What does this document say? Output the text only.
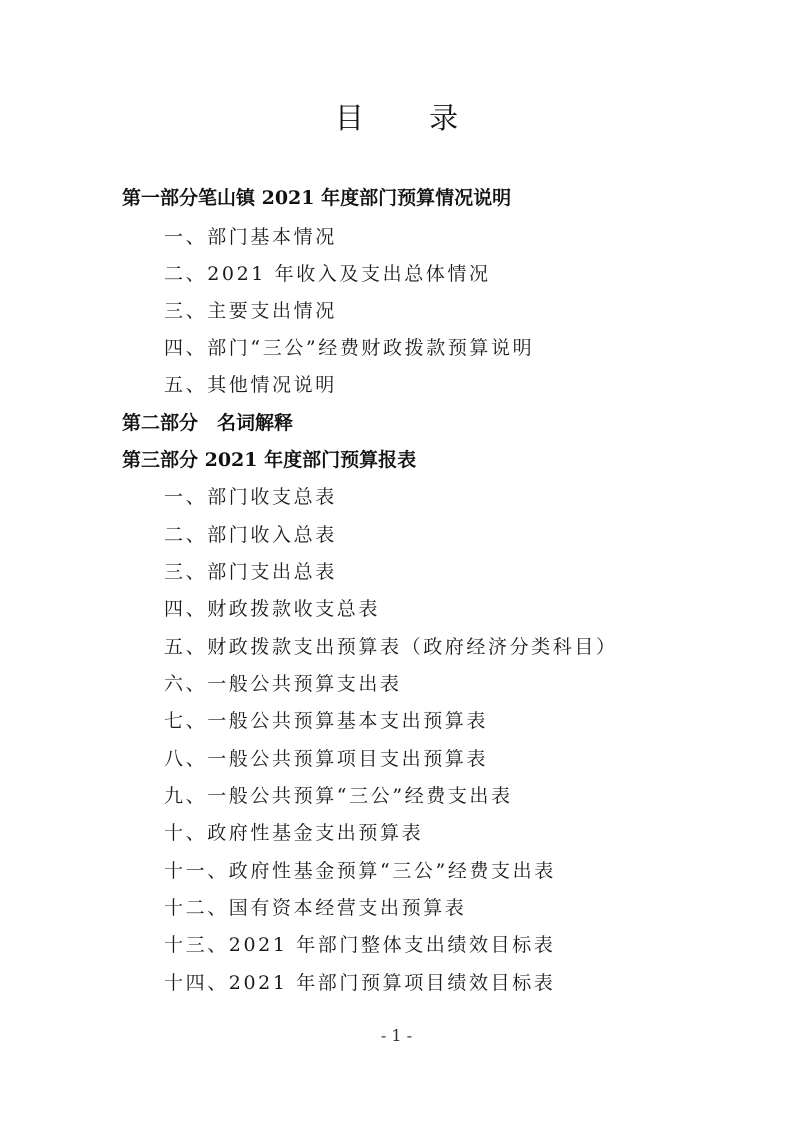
目 录
第一部分笔山镇 2021 年度部门预算情况说明
一、部门基本情况
二、2021 年收入及支出总体情况
三、主要支出情况
四、部门“三公”经费财政拨款预算说明
五、其他情况说明
第二部分　名词解释
第三部分 2021 年度部门预算报表
一、部门收支总表
二、部门收入总表
三、部门支出总表
四、财政拨款收支总表
五、财政拨款支出预算表（政府经济分类科目）
六、一般公共预算支出表
七、一般公共预算基本支出预算表
八、一般公共预算项目支出预算表
九、一般公共预算“三公”经费支出表
十、政府性基金支出预算表
十一、政府性基金预算“三公”经费支出表
十二、国有资本经营支出预算表
十三、2021 年部门整体支出绩效目标表
十四、2021 年部门预算项目绩效目标表
- 1 -
